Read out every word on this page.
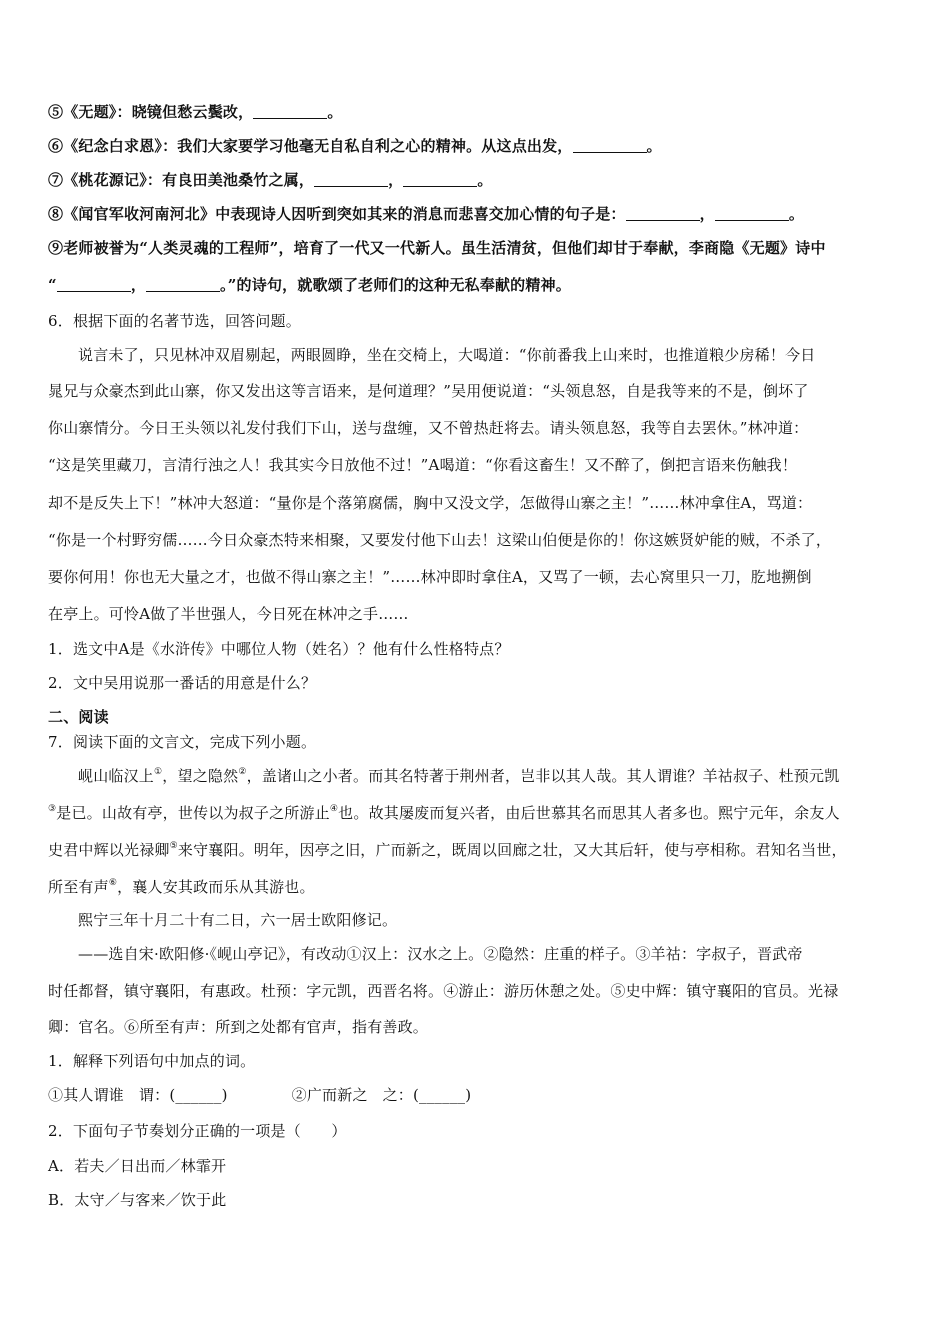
⑤《无题》：晓镜但愁云鬓改，	。
⑥《纪念白求恩》：我们大家要学习他毫无自私自利之心的精神。从这点出发，	。
⑦《桃花源记》：有良田美池桑竹之属，	，	。
⑧《闻官军收河南河北》中表现诗人因听到突如其来的消息而悲喜交加心情的句子是：	，	。
⑨老师被誉为“人类灵魂的工程师”，培育了一代又一代新人。虽生活清贫，但他们却甘于奉献，李商隐《无题》诗中
“	，	。”的诗句，就歌颂了老师们的这种无私奉献的精神。
6．根据下面的名著节选，回答问题。
说言未了，只见林冲双眉剔起，两眼圆睁，坐在交椅上，大喝道：“你前番我上山来时，也推道粮少房稀！今日
晁兄与众豪杰到此山寨，你又发出这等言语来，是何道理？”吴用便说道：“头领息怒，自是我等来的不是，倒坏了
你山寨情分。今日王头领以礼发付我们下山，送与盘缠，又不曾热赶将去。请头领息怒，我等自去罢休。”林冲道：
“这是笑里藏刀，言清行浊之人！我其实今日放他不过！”A喝道：“你看这畜生！又不醉了，倒把言语来伤触我！
却不是反失上下！”林冲大怒道：“量你是个落第腐儒，胸中又没文学，怎做得山寨之主！”……林冲拿住A，骂道：
“你是一个村野穷儒……今日众豪杰特来相聚，又要发付他下山去！这梁山伯便是你的！你这嫉贤妒能的贼，不杀了，
要你何用！你也无大量之才，也做不得山寨之主！”……林冲即时拿住A，又骂了一顿，去心窝里只一刀，肐地搠倒
在亭上。可怜A做了半世强人，今日死在林冲之手……
1．选文中A是《水浒传》中哪位人物（姓名）？他有什么性格特点？
2．文中吴用说那一番话的用意是什么？
二、阅读
7．阅读下面的文言文，完成下列小题。
岘山临汉上①，望之隐然②，盖诸山之小者。而其名特著于荆州者，岂非以其人哉。其人谓谁？羊祜叔子、杜预元凯
③是已。山故有亭，世传以为叔子之所游止④也。故其屡废而复兴者，由后世慕其名而思其人者多也。熙宁元年，余友人
史君中辉以光禄卿⑤来守襄阳。明年，因亭之旧，广而新之，既周以回廊之壮，又大其后轩，使与亭相称。君知名当世，
所至有声⑥，襄人安其政而乐从其游也。
熙宁三年十月二十有二日，六一居士欧阳修记。
——选自宋·欧阳修·《岘山亭记》，有改动①汉上：汉水之上。②隐然：庄重的样子。③羊祜：字叔子，晋武帝
时任都督，镇守襄阳，有惠政。杜预：字元凯，西晋名将。④游止：游历休憩之处。⑤史中辉：镇守襄阳的官员。光禄
卿：官名。⑥所至有声：所到之处都有官声，指有善政。
1．解释下列语句中加点的词。
①其人谓谁 谓：(______)	②广而新之 之：(______)
2．下面句子节奏划分正确的一项是（　　）
A．若夫／日出而／林霏开
B．太守／与客来／饮于此
